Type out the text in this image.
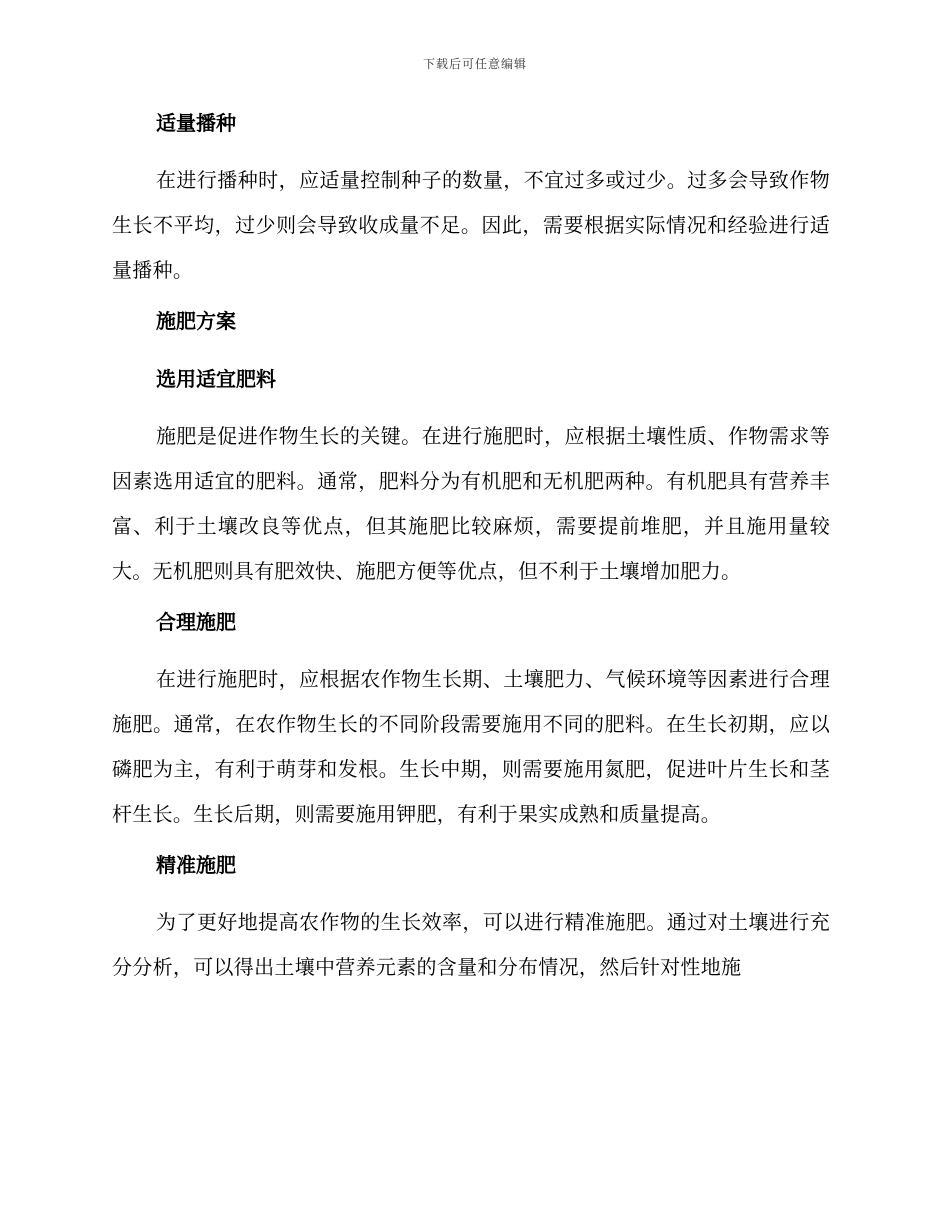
下载后可任意编辑
适量播种

在进行播种时，应适量控制种子的数量，不宜过多或过少。过多会导致作物生长不平均，过少则会导致收成量不足。因此，需要根据实际情况和经验进行适量播种。

施肥方案
选用适宜肥料

施肥是促进作物生长的关键。在进行施肥时，应根据土壤性质、作物需求等因素选用适宜的肥料。通常，肥料分为有机肥和无机肥两种。有机肥具有营养丰富、利于土壤改良等优点，但其施肥比较麻烦，需要提前堆肥，并且施用量较大。无机肥则具有肥效快、施肥方便等优点，但不利于土壤增加肥力。

合理施肥

在进行施肥时，应根据农作物生长期、土壤肥力、气候环境等因素进行合理施肥。通常，在农作物生长的不同阶段需要施用不同的肥料。在生长初期，应以磷肥为主，有利于萌芽和发根。生长中期，则需要施用氮肥，促进叶片生长和茎杆生长。生长后期，则需要施用钾肥，有利于果实成熟和质量提高。

精准施肥

为了更好地提高农作物的生长效率，可以进行精准施肥。通过对土壤进行充分分析，可以得出土壤中营养元素的含量和分布情况，然后针对性地施
